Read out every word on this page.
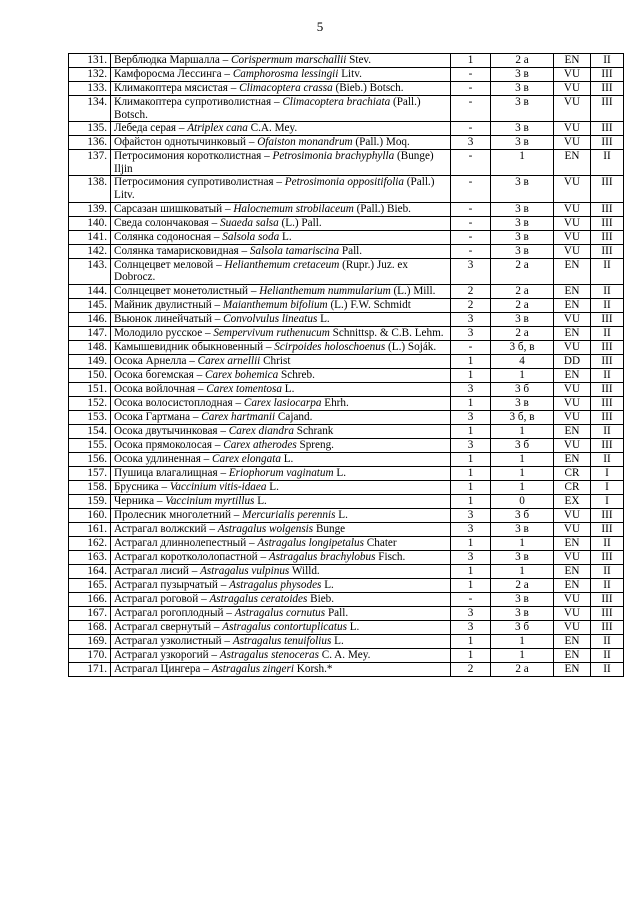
5
131.	Верблюдка Маршалла – Corispermum marschallii Stev.	1	2 а	EN	II
132.	Камфоросма Лессинга – Camphorosma lessingii Litv.	-	3 в	VU	III
133.	Климакоптера мясистая – Climacoptera crassa (Bieb.) Botsch.	-	3 в	VU	III
134.	Климакоптера супротиволистная – Climacoptera brachiata (Pall.) Botsch.	-	3 в	VU	III
135.	Лебеда серая – Atriplex cana C.A. Mey.	-	3 в	VU	III
136.	Офайстон однотычинковый – Ofaiston monandrum (Pall.) Moq.	3	3 в	VU	III
137.	Петросимония коротколистная – Petrosimonia brachyphylla (Bunge) Iljin	-	1	EN	II
138.	Петросимония супротиволистная – Petrosimonia oppositifolia (Pall.) Litv.	-	3 в	VU	III
139.	Сарсазан шишковатый – Halocnemum strobilaceum (Pall.) Bieb.	-	3 в	VU	III
140.	Сведа солончаковая – Suaeda salsa (L.) Pall.	-	3 в	VU	III
141.	Солянка содоносная – Salsola soda L.	-	3 в	VU	III
142.	Солянка тамарисковидная – Salsola tamariscina Pall.	-	3 в	VU	III
143.	Солнцецвет меловой – Helianthemum cretaceum (Rupr.) Juz. ex Dobrocz.	3	2 а	EN	II
144.	Солнцецвет монетолистный – Helianthemum nummularium (L.) Mill.	2	2 а	EN	II
145.	Майник двулистный – Maianthemum bifolium (L.) F.W. Schmidt	2	2 а	EN	II
146.	Вьюнок линейчатый – Convolvulus lineatus L.	3	3 в	VU	III
147.	Молодило русское – Sempervivum ruthenucum Schnittsp. & C.B. Lehm.	3	2 а	EN	II
148.	Камышевидник обыкновенный – Scirpoides holoschoenus (L.) Soják.	-	3 б, в	VU	III
149.	Осока Арнелла – Carex arnellii Christ	1	4	DD	III
150.	Осока богемская – Carex bohemica Schreb.	1	1	EN	II
151.	Осока войлочная – Carex tomentosa L.	3	3 б	VU	III
152.	Осока волосистоплодная – Carex lasiocarpa Ehrh.	1	3 в	VU	III
153.	Осока Гартмана – Carex hartmanii Cajand.	3	3 б, в	VU	III
154.	Осока двутычинковая – Carex diandra Schrank	1	1	EN	II
155.	Осока прямоколосая – Carex atherodes Spreng.	3	3 б	VU	III
156.	Осока удлиненная – Carex elongata L.	1	1	EN	II
157.	Пушица влагалищная – Eriophorum vaginatum L.	1	1	CR	I
158.	Брусника – Vaccinium vitis-idaea L.	1	1	CR	I
159.	Черника – Vaccinium myrtillus L.	1	0	EX	I
160.	Пролесник многолетний – Mercurialis perennis L.	3	3 б	VU	III
161.	Астрагал волжский – Astragalus wolgensis Bunge	3	3 в	VU	III
162.	Астрагал длиннолепестный – Astragalus longipetalus Chater	1	1	EN	II
163.	Астрагал короткололопастной – Astragalus brachylobus Fisch.	3	3 в	VU	III
164.	Астрагал лисий – Astragalus vulpinus Willd.	1	1	EN	II
165.	Астрагал пузырчатый – Astragalus physodes L.	1	2 а	EN	II
166.	Астрагал роговой – Astragalus ceratoides Bieb.	-	3 в	VU	III
167.	Астрагал рогоплодный – Astragalus cornutus Pall.	3	3 в	VU	III
168.	Астрагал свернутый – Astragalus contortuplicatus L.	3	3 б	VU	III
169.	Астрагал узколистный – Astragalus tenuifolius L.	1	1	EN	II
170.	Астрагал узкорогий – Astragalus stenoceras C. A. Mey.	1	1	EN	II
171.	Астрагал Цингера – Astragalus zingeri Korsh.*	2	2 а	EN	II
